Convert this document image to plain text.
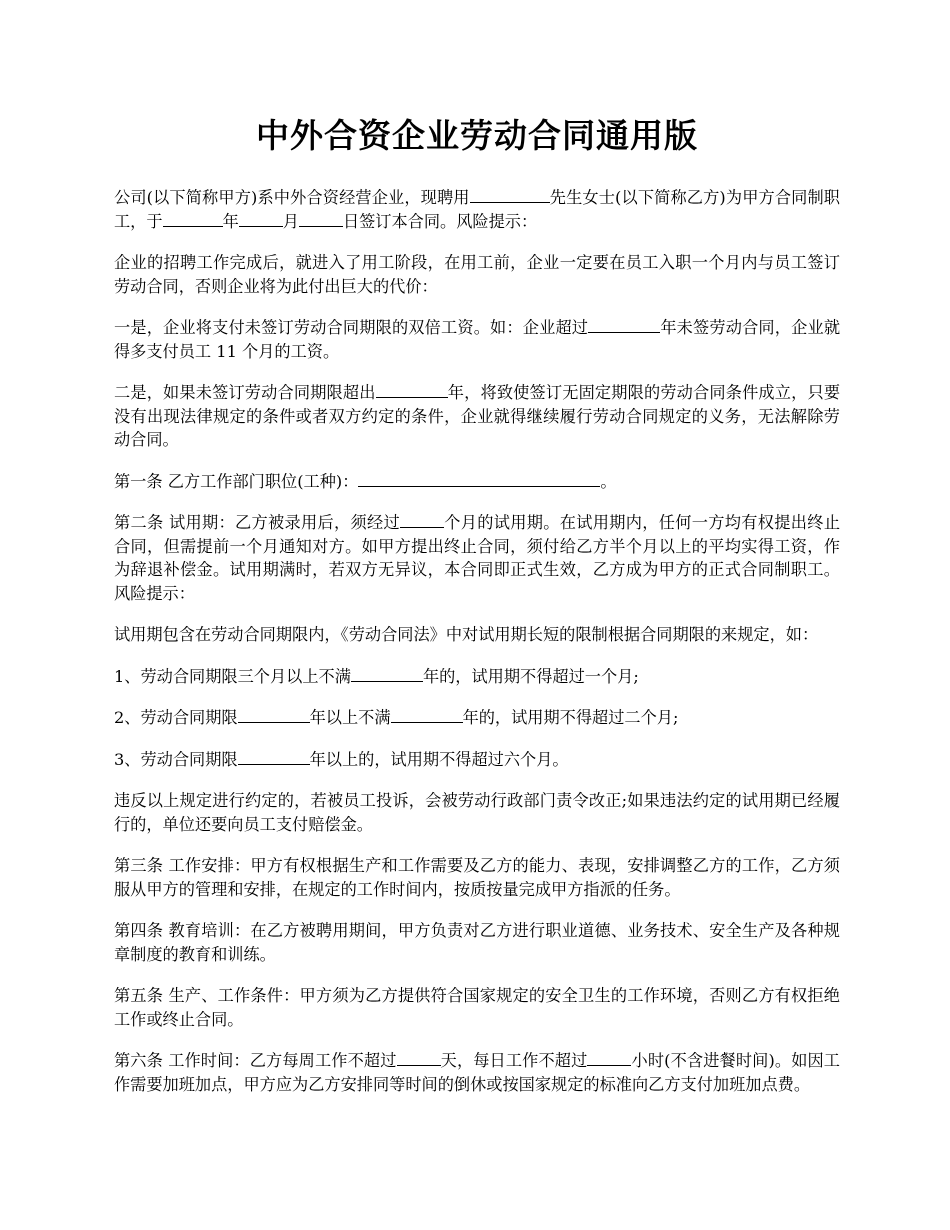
中外合资企业劳动合同通用版

公司(以下简称甲方)系中外合资经营企业，现聘用	先生女士(以下简称乙方)为甲方合同制职工，于	年	月	日签订本合同。风险提示：

企业的招聘工作完成后，就进入了用工阶段，在用工前，企业一定要在员工入职一个月内与员工签订劳动合同，否则企业将为此付出巨大的代价：

一是，企业将支付未签订劳动合同期限的双倍工资。如：企业超过	年未签劳动合同，企业就得多支付员工 11 个月的工资。

二是，如果未签订劳动合同期限超出	年，将致使签订无固定期限的劳动合同条件成立，只要没有出现法律规定的条件或者双方约定的条件，企业就得继续履行劳动合同规定的义务，无法解除劳动合同。

第一条 乙方工作部门职位(工种)：	。

第二条 试用期：乙方被录用后，须经过	个月的试用期。在试用期内，任何一方均有权提出终止合同，但需提前一个月通知对方。如甲方提出终止合同，须付给乙方半个月以上的平均实得工资，作为辞退补偿金。试用期满时，若双方无异议，本合同即正式生效，乙方成为甲方的正式合同制职工。风险提示：

试用期包含在劳动合同期限内，《劳动合同法》中对试用期长短的限制根据合同期限的来规定，如：

1、劳动合同期限三个月以上不满	年的，试用期不得超过一个月;

2、劳动合同期限	年以上不满	年的，试用期不得超过二个月;

3、劳动合同期限	年以上的，试用期不得超过六个月。

违反以上规定进行约定的，若被员工投诉，会被劳动行政部门责令改正;如果违法约定的试用期已经履行的，单位还要向员工支付赔偿金。

第三条 工作安排：甲方有权根据生产和工作需要及乙方的能力、表现，安排调整乙方的工作，乙方须服从甲方的管理和安排，在规定的工作时间内，按质按量完成甲方指派的任务。

第四条 教育培训：在乙方被聘用期间，甲方负责对乙方进行职业道德、业务技术、安全生产及各种规章制度的教育和训练。

第五条 生产、工作条件：甲方须为乙方提供符合国家规定的安全卫生的工作环境，否则乙方有权拒绝工作或终止合同。

第六条 工作时间：乙方每周工作不超过	天，每日工作不超过	小时(不含进餐时间)。如因工作需要加班加点，甲方应为乙方安排同等时间的倒休或按国家规定的标准向乙方支付加班加点费。
